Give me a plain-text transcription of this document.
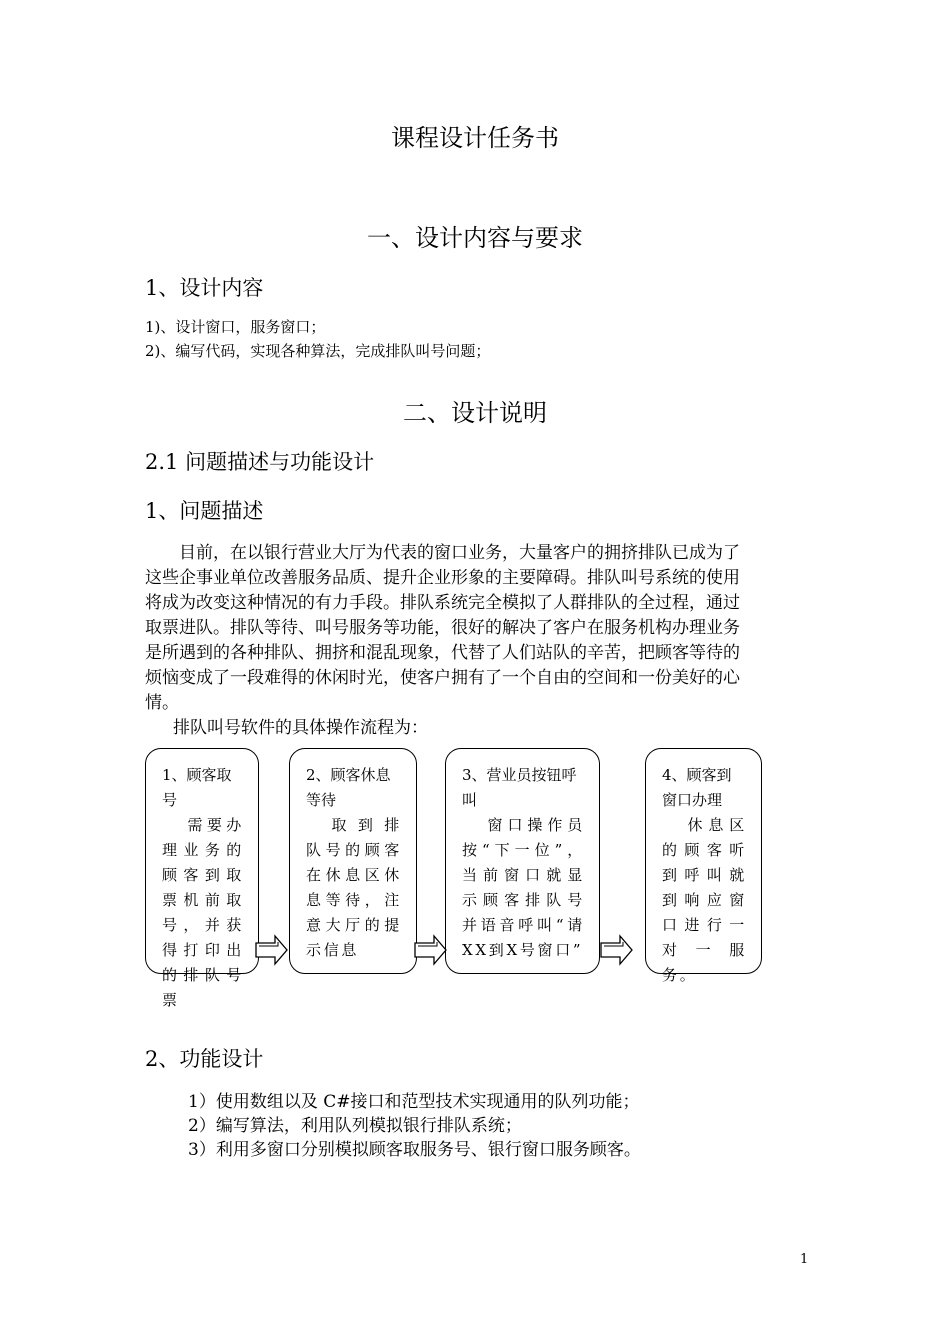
课程设计任务书
一、设计内容与要求
1、设计内容
1)、设计窗口，服务窗口；
2)、编写代码，实现各种算法，完成排队叫号问题；
二、设计说明
2.1 问题描述与功能设计
1、问题描述
目前，在以银行营业大厅为代表的窗口业务，大量客户的拥挤排队已成为了
这些企事业单位改善服务品质、提升企业形象的主要障碍。排队叫号系统的使用
将成为改变这种情况的有力手段。排队系统完全模拟了人群排队的全过程，通过
取票进队。排队等待、叫号服务等功能，很好的解决了客户在服务机构办理业务
是所遇到的各种排队、拥挤和混乱现象，代替了人们站队的辛苦，把顾客等待的
烦恼变成了一段难得的休闲时光，使客户拥有了一个自由的空间和一份美好的心
情。
排队叫号软件的具体操作流程为：
1、顾客取
号
需要办理业务的顾客到取票机前取号，并获得打印出的排队号票
2、顾客休息
等待
取到排队号的顾客在休息区休息等待，注意大厅的提示信息
3、营业员按钮呼
叫
窗口操作员按“下一位”，当前窗口就显示顾客排队号并语音呼叫“请XX到X号窗口”
4、顾客到
窗口办理
休息区的顾客听到呼叫就到响应窗口进行一对一服务。
2、功能设计
1）使用数组以及 C#接口和范型技术实现通用的队列功能；
2）编写算法，利用队列模拟银行排队系统；
3）利用多窗口分别模拟顾客取服务号、银行窗口服务顾客。
1
